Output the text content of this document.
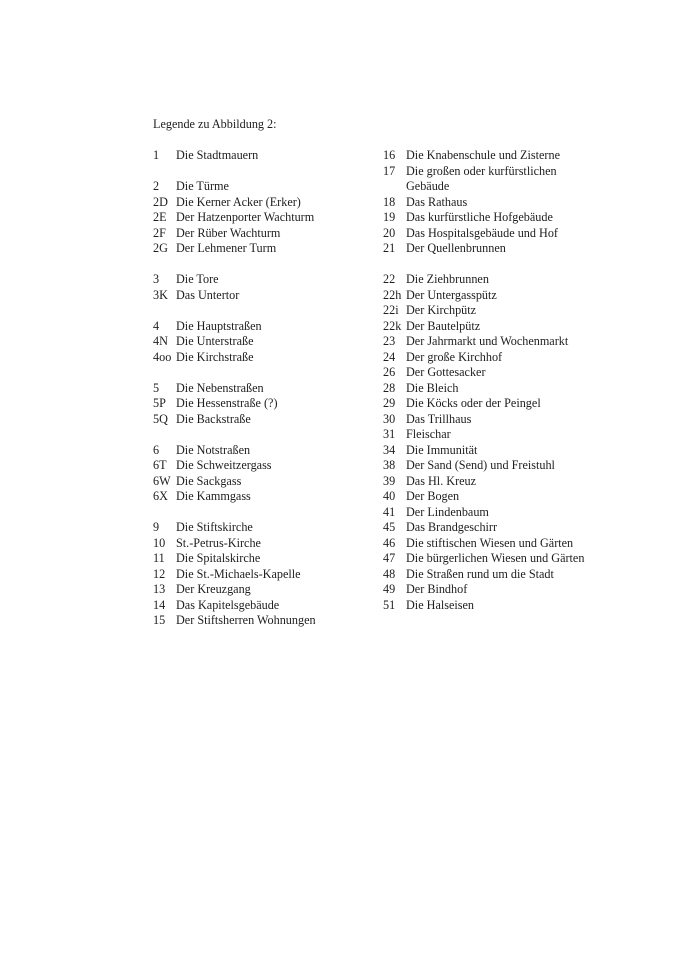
Legende zu Abbildung 2:
1	Die Stadtmauern
2	Die Türme
2D Die Kerner Acker (Erker)
2E Der Hatzenporter Wachturm
2F Der Rüber Wachturm
2G Der Lehmener Turm
3	Die Tore
3K Das Untertor
4	Die Hauptstraßen
4N Die Unterstraße
4oo Die Kirchstraße
5	Die Nebenstraßen
5P Die Hessenstraße (?)
5Q Die Backstraße
6	Die Notstraßen
6T Die Schweitzergass
6W Die Sackgass
6X Die Kammgass
9	Die Stiftskirche
10 St.-Petrus-Kirche
11 Die Spitalskirche
12 Die St.-Michaels-Kapelle
13 Der Kreuzgang
14 Das Kapitelsgebäude
15 Der Stiftsherren Wohnungen
16 Die Knabenschule und Zisterne
17 Die großen oder kurfürstlichen Gebäude
18 Das Rathaus
19 Das kurfürstliche Hofgebäude
20 Das Hospitalsgebäude und Hof
21 Der Quellenbrunnen
22 Die Ziehbrunnen
22h Der Untergasspütz
22i Der Kirchpütz
22k Der Bautelpütz
23 Der Jahrmarkt und Wochenmarkt
24 Der große Kirchhof
26 Der Gottesacker
28 Die Bleich
29 Die Köcks oder der Peingel
30 Das Trillhaus
31 Fleischar
34 Die Immunität
38 Der Sand (Send) und Freistuhl
39 Das Hl. Kreuz
40 Der Bogen
41 Der Lindenbaum
45 Das Brandgeschirr
46 Die stiftischen Wiesen und Gärten
47 Die bürgerlichen Wiesen und Gärten
48 Die Straßen rund um die Stadt
49 Der Bindhof
51 Die Halseisen
